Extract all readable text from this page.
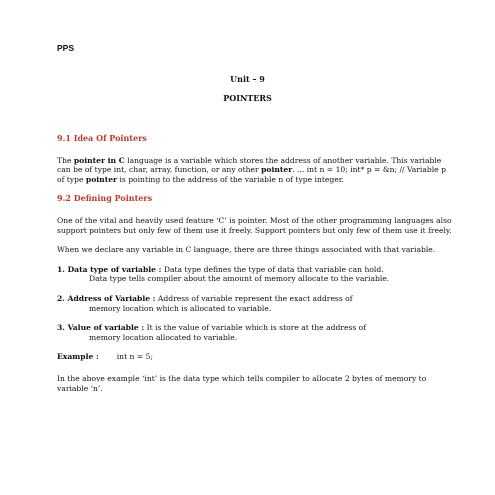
PPS
Unit – 9
POINTERS
9.1 Idea Of Pointers

The pointer in C language is a variable which stores the address of another variable. This variable can be of type int, char, array, function, or any other pointer. ... int n = 10; int* p = &n; // Variable p of type pointer is pointing to the address of the variable n of type integer.

9.2 Defining Pointers

One of the vital and heavily used feature ‘C’ is pointer. Most of the other programming languages also support pointers but only few of them use it freely. Support pointers but only few of them use it freely.

When we declare any variable in C language, there are three things associated with that variable.

1. Data type of variable : Data type defines the type of data that variable can hold.
Data type tells compiler about the amount of memory allocate to the variable.
2. Address of Variable : Address of variable represent the exact address of
memory location which is allocated to variable.
3. Value of variable : It is the value of variable which is store at the address of
memory location allocated to variable.
Example : int n = 5;

In the above example ‘int’ is the data type which tells compiler to allocate 2 bytes of memory to variable ‘n’.
